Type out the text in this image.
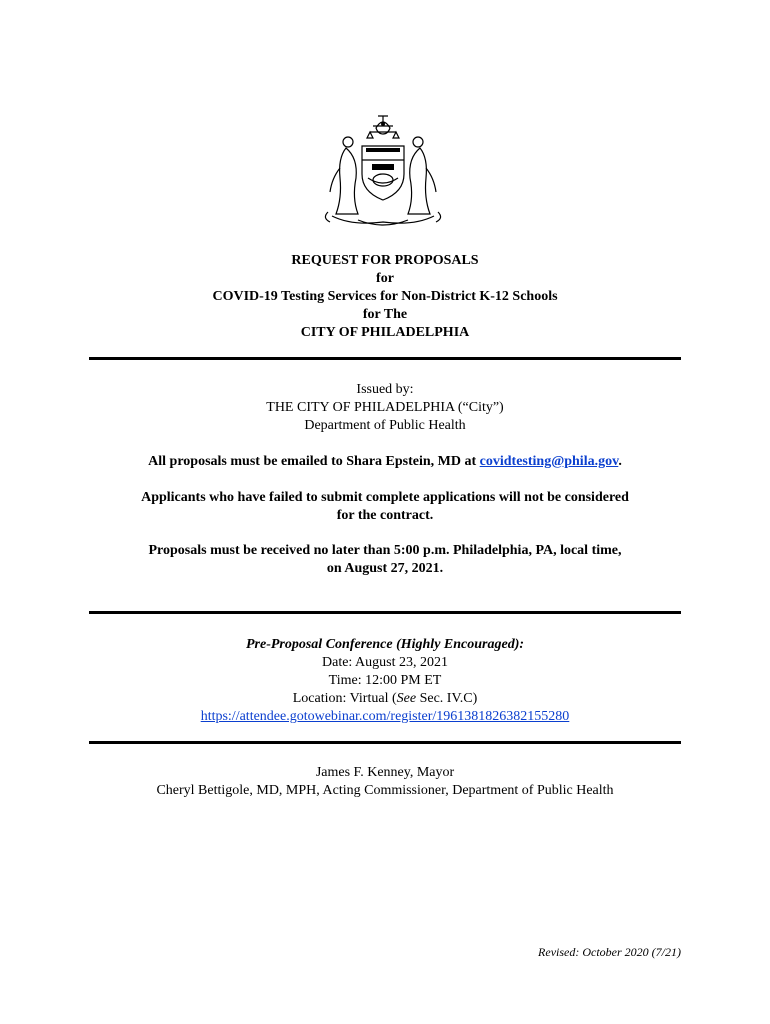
REQUEST FOR PROPOSALS
for
COVID-19 Testing Services for Non-District K-12 Schools
for The
CITY OF PHILADELPHIA
Issued by:
THE CITY OF PHILADELPHIA (“City”)
Department of Public Health
All proposals must be emailed to Shara Epstein, MD at covidtesting@phila.gov.
Applicants who have failed to submit complete applications will not be considered
for the contract.
Proposals must be received no later than 5:00 p.m. Philadelphia, PA, local time,
on August 27, 2021.
Pre-Proposal Conference (Highly Encouraged):
Date: August 23, 2021
Time: 12:00 PM ET
Location: Virtual (See Sec. IV.C)
https://attendee.gotowebinar.com/register/1961381826382155280
James F. Kenney, Mayor
Cheryl Bettigole, MD, MPH, Acting Commissioner, Department of Public Health
Revised: October 2020 (7/21)
